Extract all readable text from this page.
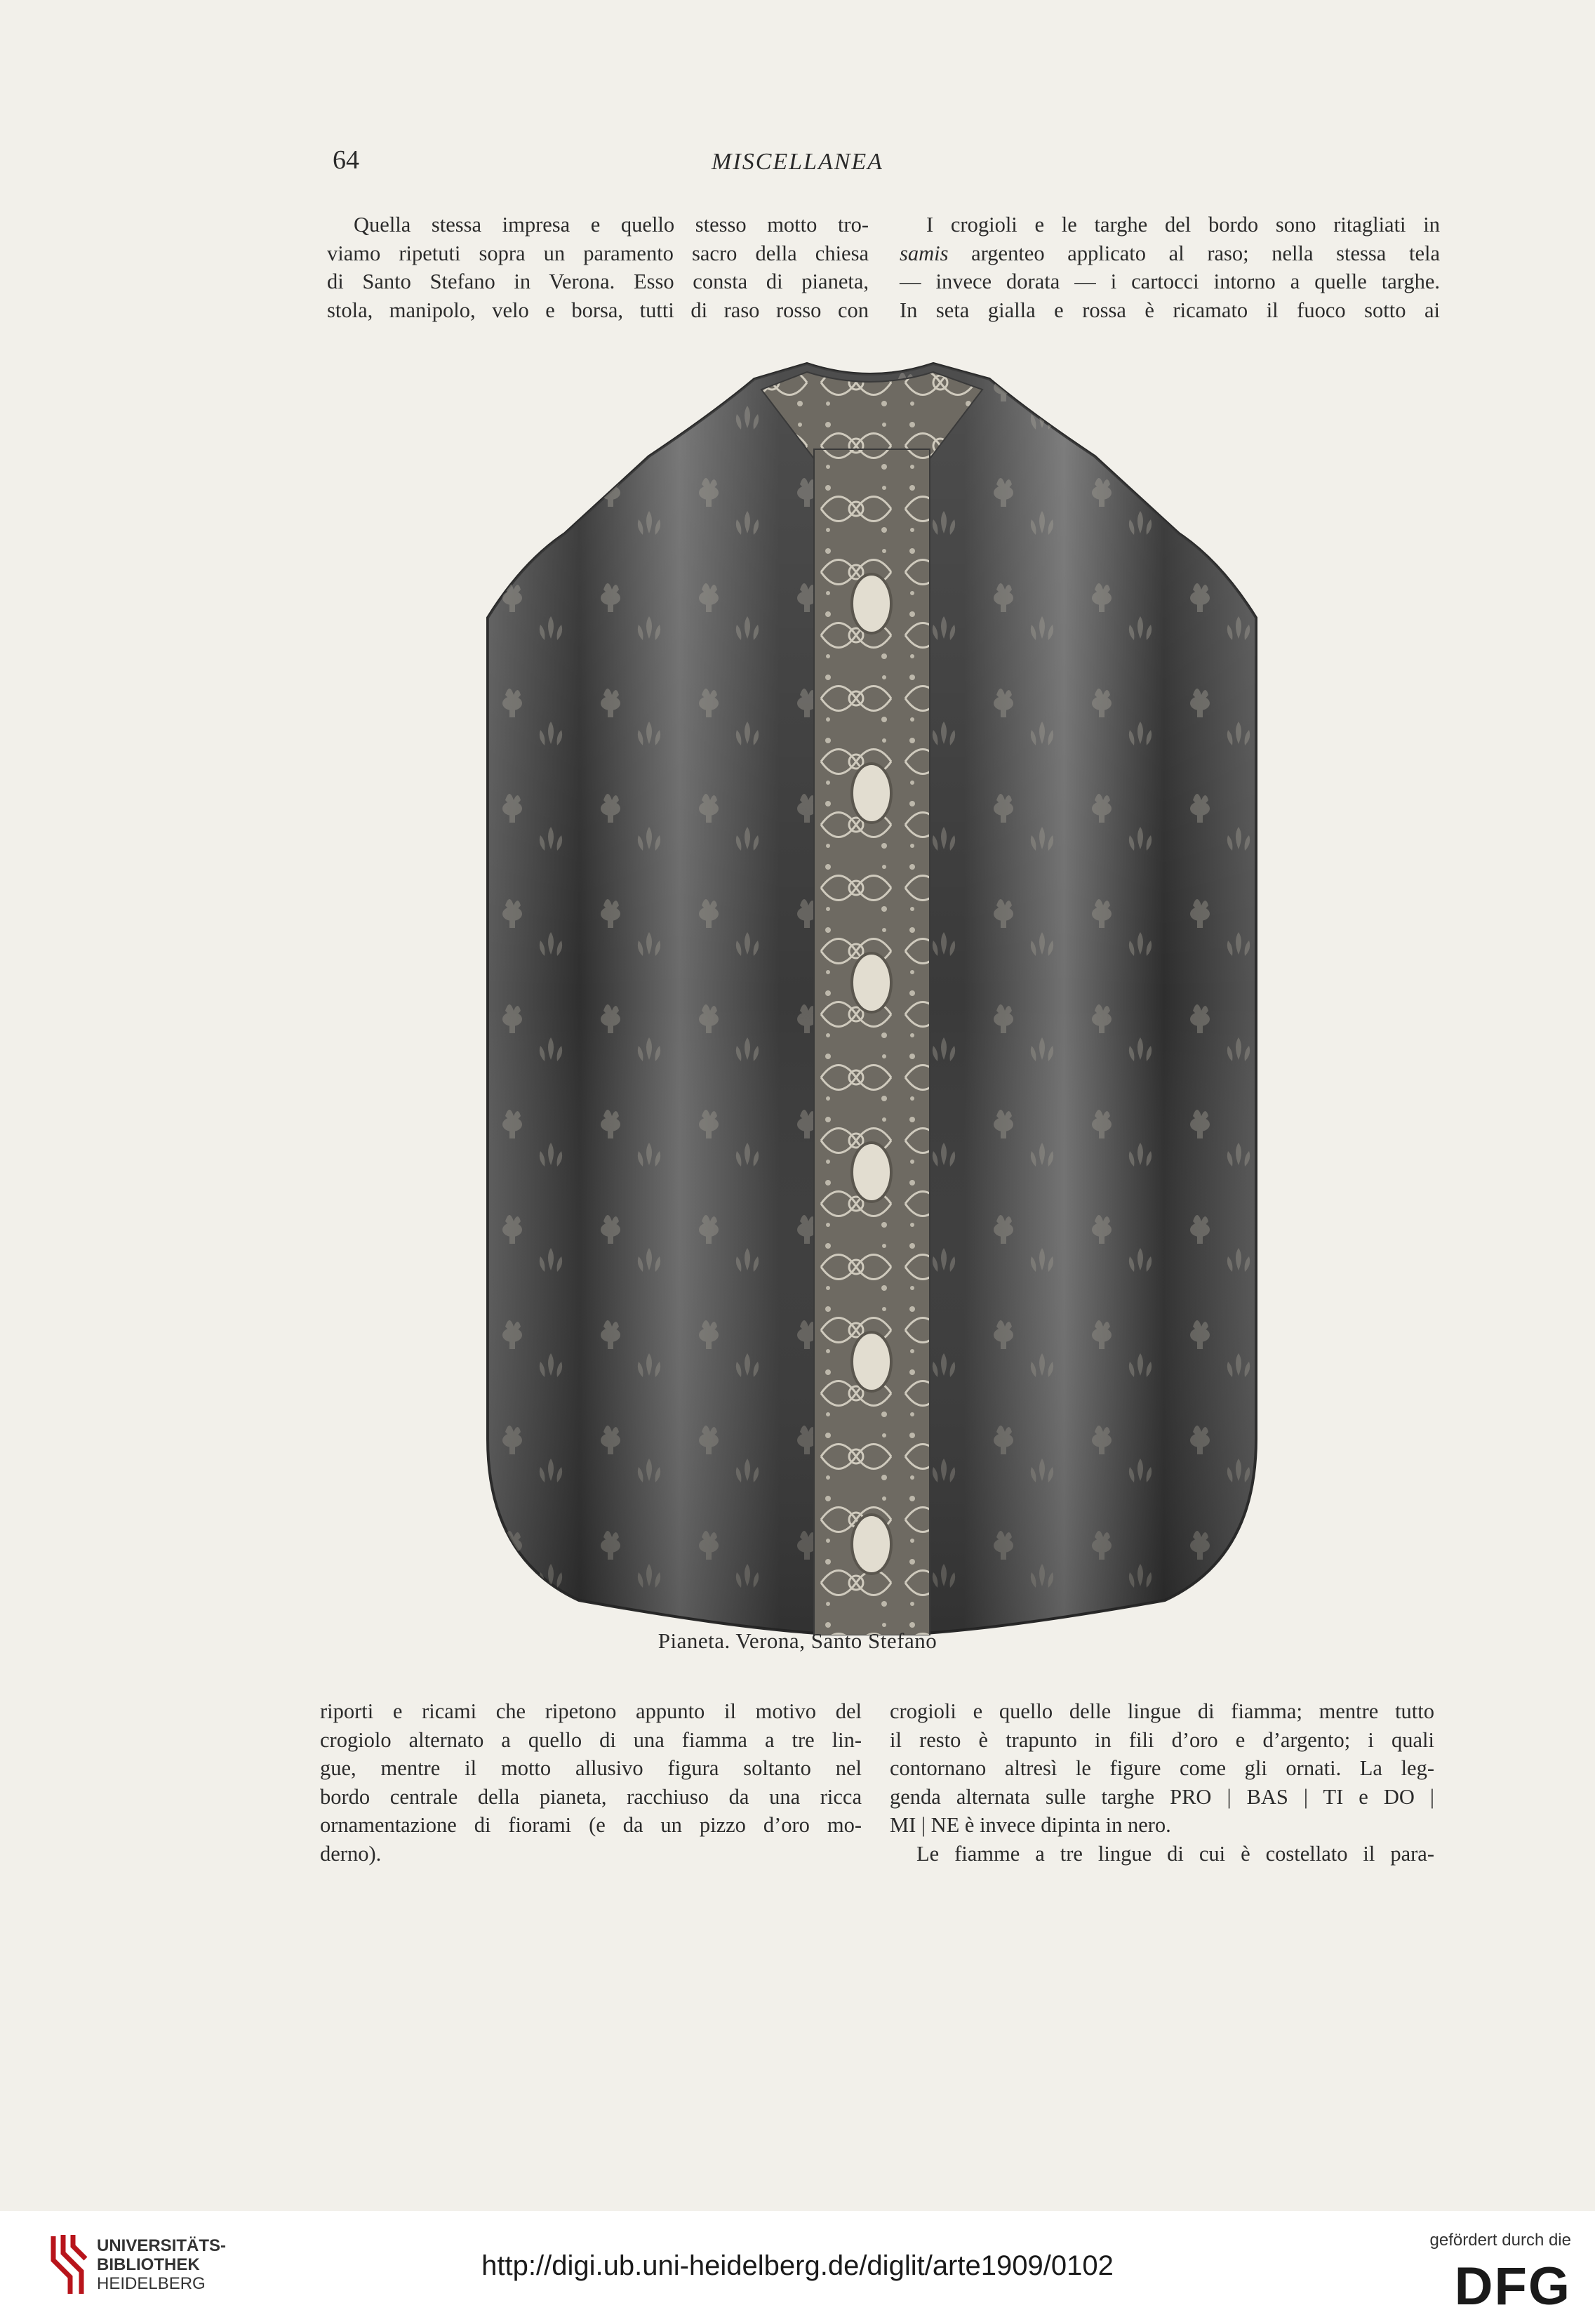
64	MISCELLANEA
Quella stessa impresa e quello stesso motto tro-
viamo ripetuti sopra un paramento sacro della chiesa
di Santo Stefano in Verona. Esso consta di pianeta,
stola, manipolo, velo e borsa, tutti di raso rosso con
I crogioli e le targhe del bordo sono ritagliati in
samis argenteo applicato al raso; nella stessa tela
— invece dorata — i cartocci intorno a quelle targhe.
In seta gialla e rossa è ricamato il fuoco sotto ai
Pianeta. Verona, Santo Stefano
riporti e ricami che ripetono appunto il motivo del
crogiolo alternato a quello di una fiamma a tre lin-
gue, mentre il motto allusivo figura soltanto nel
bordo centrale della pianeta, racchiuso da una ricca
ornamentazione di fiorami (e da un pizzo d’oro mo-
derno).
crogioli e quello delle lingue di fiamma; mentre tutto
il resto è trapunto in fili d’oro e d’argento; i quali
contornano altresì le figure come gli ornati. La leg-
genda alternata sulle targhe PRO | BAS | TI e DO |
MI | NE è invece dipinta in nero.
Le fiamme a tre lingue di cui è costellato il para-
UNIVERSITÄTS-
BIBLIOTHEK
HEIDELBERG
http://digi.ub.uni-heidelberg.de/diglit/arte1909/0102
gefördert durch die
DFG
